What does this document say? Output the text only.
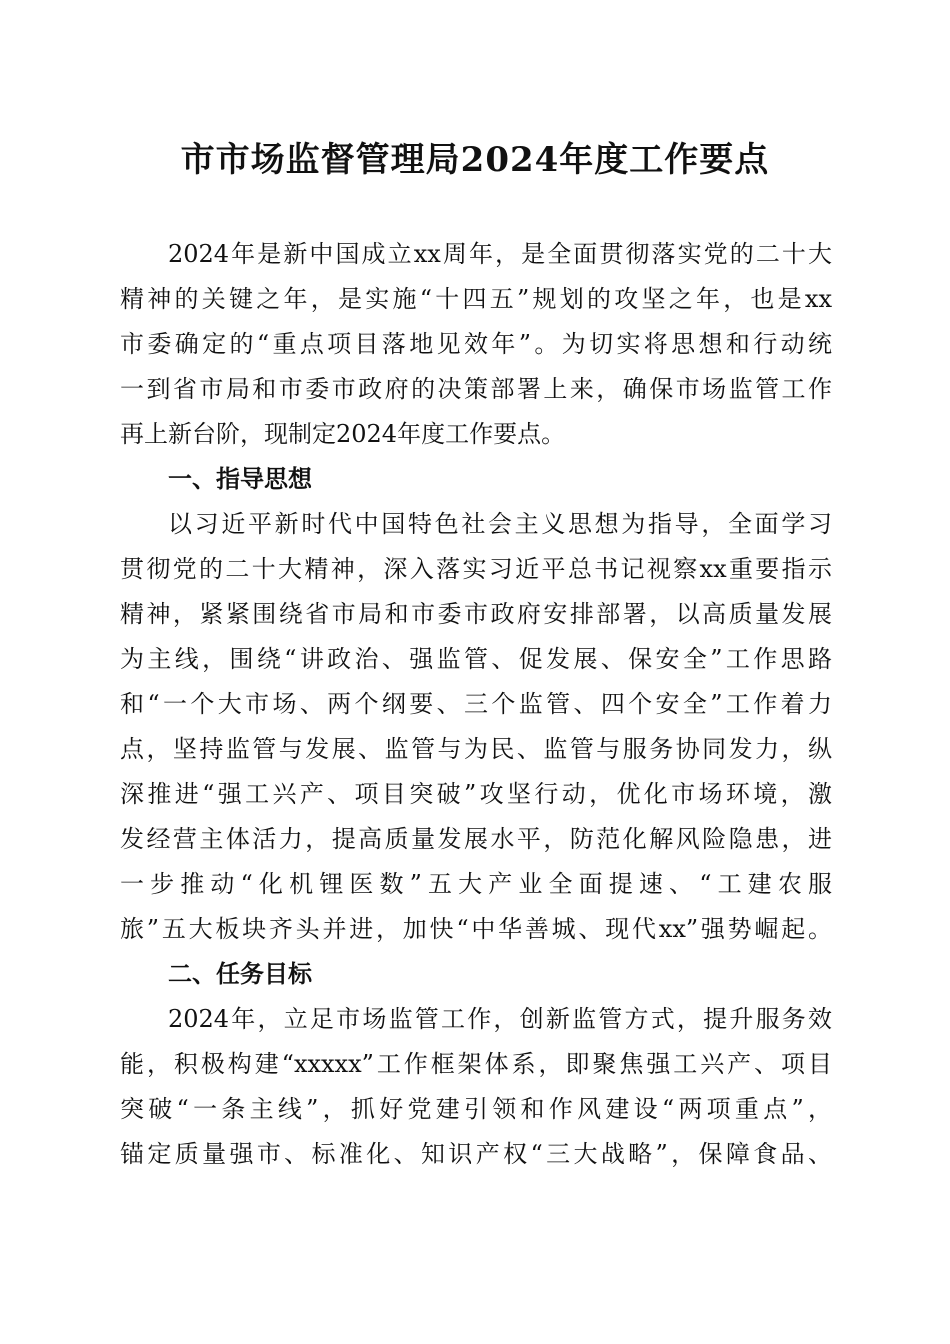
市市场监督管理局2024年度工作要点

2024年是新中国成立xx周年，是全面贯彻落实党的二十大

精神的关键之年，是实施“十四五”规划的攻坚之年，也是xx

市委确定的“重点项目落地见效年”。为切实将思想和行动统

一到省市局和市委市政府的决策部署上来，确保市场监管工作

再上新台阶，现制定2024年度工作要点。

一、指导思想

以习近平新时代中国特色社会主义思想为指导，全面学习

贯彻党的二十大精神，深入落实习近平总书记视察xx重要指示

精神，紧紧围绕省市局和市委市政府安排部署，以高质量发展

为主线，围绕“讲政治、强监管、促发展、保安全”工作思路

和“一个大市场、两个纲要、三个监管、四个安全”工作着力

点，坚持监管与发展、监管与为民、监管与服务协同发力，纵

深推进“强工兴产、项目突破”攻坚行动，优化市场环境，激

发经营主体活力，提高质量发展水平，防范化解风险隐患，进

一步推动“化机锂医数”五大产业全面提速、“工建农服

旅”五大板块齐头并进，加快“中华善城、现代xx”强势崛起。

二、任务目标

2024年，立足市场监管工作，创新监管方式，提升服务效

能，积极构建“xxxxx”工作框架体系，即聚焦强工兴产、项目

突破“一条主线”，抓好党建引领和作风建设“两项重点”，

锚定质量强市、标准化、知识产权“三大战略”，保障食品、
